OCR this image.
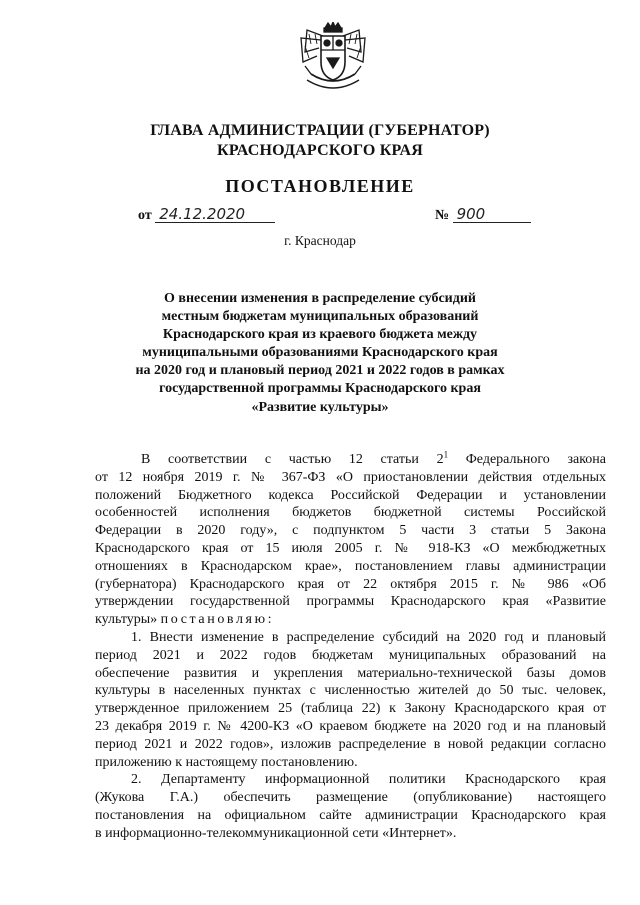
ГЛАВА АДМИНИСТРАЦИИ (ГУБЕРНАТОР)
КРАСНОДАРСКОГО КРАЯ
ПОСТАНОВЛЕНИЕ
от 24.12.2020	№ 900
г. Краснодар
О внесении изменения в распределение субсидий
местным бюджетам муниципальных образований
Краснодарского края из краевого бюджета между
муниципальными образованиями Краснодарского края
на 2020 год и плановый период 2021 и 2022 годов в рамках
государственной программы Краснодарского края
«Развитие культуры»
В соответствии с частью 12 статьи $2^1$ Федерального закона
от 12 ноября 2019 г. № 367-ФЗ «О приостановлении действия отдельных
положений Бюджетного кодекса Российской Федерации и установлении
особенностей исполнения бюджетов бюджетной системы Российской
Федерации в 2020 году», с подпунктом 5 части 3 статьи 5 Закона
Краснодарского края от 15 июля 2005 г. № 918-КЗ «О межбюджетных
отношениях в Краснодарском крае», постановлением главы администрации
(губернатора) Краснодарского края от 22 октября 2015 г. № 986 «Об
утверждении государственной программы Краснодарского края «Развитие
культуры» постановляю:
1. Внести изменение в распределение субсидий на 2020 год и плановый
период 2021 и 2022 годов бюджетам муниципальных образований на
обеспечение развития и укрепления материально-технической базы домов
культуры в населенных пунктах с численностью жителей до 50 тыс. человек,
утвержденное приложением 25 (таблица 22) к Закону Краснодарского края от
23 декабря 2019 г. № 4200-КЗ «О краевом бюджете на 2020 год и на плановый
период 2021 и 2022 годов», изложив распределение в новой редакции согласно
приложению к настоящему постановлению.
2. Департаменту информационной политики Краснодарского края
(Жукова Г.А.) обеспечить размещение (опубликование) настоящего
постановления на официальном сайте администрации Краснодарского края
в информационно-телекоммуникационной сети «Интернет».
